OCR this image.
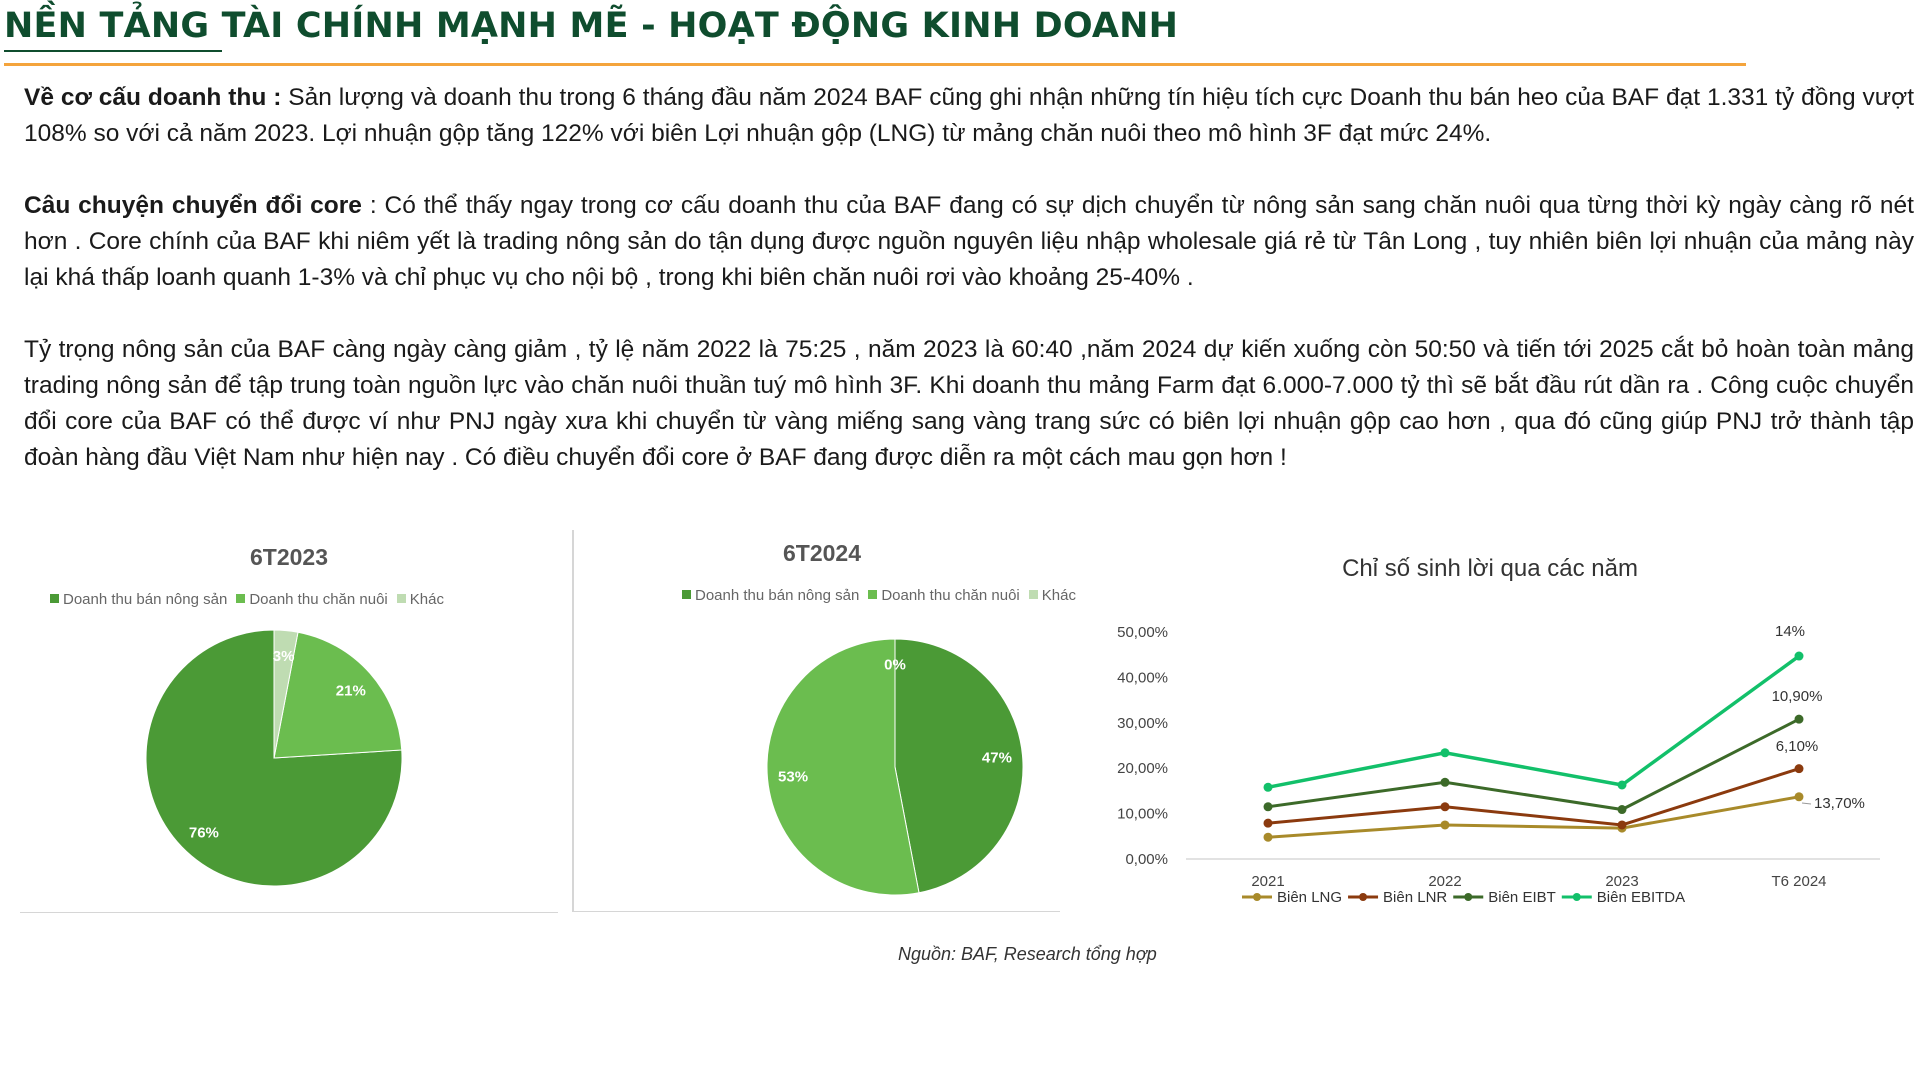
NỀN TẢNG TÀI CHÍNH MẠNH MẼ - HOẠT ĐỘNG KINH DOANH

Về cơ cấu doanh thu : Sản lượng và doanh thu trong 6 tháng đầu năm 2024 BAF cũng ghi nhận những tín hiệu tích cực Doanh thu bán heo của BAF đạt 1.331 tỷ đồng vượt 108% so với cả năm 2023. Lợi nhuận gộp tăng 122% với biên Lợi nhuận gộp (LNG) từ mảng chăn nuôi theo mô hình 3F đạt mức 24%.

Câu chuyện chuyển đổi core : Có thể thấy ngay trong cơ cấu doanh thu của BAF đang có sự dịch chuyển từ nông sản sang chăn nuôi qua từng thời kỳ ngày càng rõ nét hơn . Core chính của BAF khi niêm yết là trading nông sản do tận dụng được nguồn nguyên liệu nhập wholesale giá rẻ từ Tân Long , tuy nhiên biên lợi nhuận của mảng này lại khá thấp loanh quanh 1-3% và chỉ phục vụ cho nội bộ , trong khi biên chăn nuôi rơi vào khoảng 25-40% .

Tỷ trọng nông sản của BAF càng ngày càng giảm , tỷ lệ năm 2022 là 75:25 , năm 2023 là 60:40 ,năm 2024 dự kiến xuống còn 50:50 và tiến tới 2025 cắt bỏ hoàn toàn mảng trading nông sản để tập trung toàn nguồn lực vào chăn nuôi thuần tuý mô hình 3F. Khi doanh thu mảng Farm đạt 6.000-7.000 tỷ thì sẽ bắt đầu rút dần ra . Công cuộc chuyển đổi core của BAF có thể được ví như PNJ ngày xưa khi chuyển từ vàng miếng sang vàng trang sức có biên lợi nhuận gộp cao hơn , qua đó cũng giúp PNJ trở thành tập đoàn hàng đầu Việt Nam như hiện nay . Có điều chuyển đổi core ở BAF đang được diễn ra một cách mau gọn hơn !

6T2023
Doanh thu bán nông sản Doanh thu chăn nuôi Khác
76%
21%
3%
6T2024
Doanh thu bán nông sản Doanh thu chăn nuôi Khác
47%
53%
0%
Chỉ số sinh lời qua các năm
0,00%
10,00%
20,00%
30,00%
40,00%
50,00%
2021	2022	2023	T6 2024
14%
10,90%
6,10%
13,70%
Biên LNG	Biên LNR	Biên EIBT	Biên EBITDA
Nguồn: BAF, Research tổng hợp
